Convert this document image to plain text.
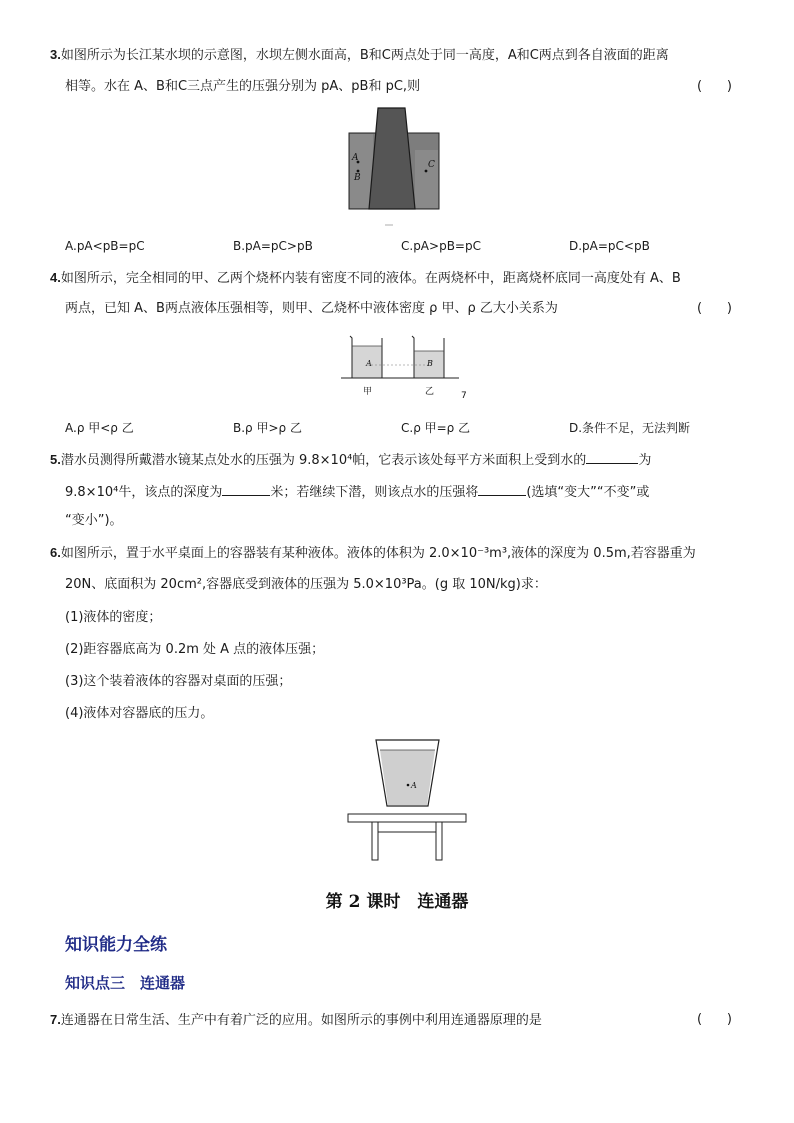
3.如图所示为长江某水坝的示意图，水坝左侧水面高，B和C两点处于同一高度，A和C两点到各自液面的距离
相等。水在 A、B和C三点产生的压强分别为 pA、pB和 pC,则	(      )
A
B
C
A.pA<pB=pC	B.pA=pC>pB	C.pA>pB=pC	D.pA=pC<pB
4.如图所示，完全相同的甲、乙两个烧杯内装有密度不同的液体。在两烧杯中，距离烧杯底同一高度处有 A、B
两点，已知 A、B两点液体压强相等，则甲、乙烧杯中液体密度 ρ 甲、ρ 乙大小关系为	(      )
A	B
甲	乙	7
A.ρ 甲<ρ 乙	B.ρ 甲>ρ 乙	C.ρ 甲=ρ 乙	D.条件不足，无法判断
5.潜水员测得所戴潜水镜某点处水的压强为 9.8×10⁴帕，它表示该处每平方米面积上受到水的	为
9.8×10⁴牛，该点的深度为	米；若继续下潜，则该点水的压强将	(选填“变大”“不变”或
“变小”)。
6.如图所示，置于水平桌面上的容器装有某种液体。液体的体积为 2.0×10⁻³m³,液体的深度为 0.5m,若容器重为
20N、底面积为 20cm²,容器底受到液体的压强为 5.0×10³Pa。(g 取 10N/kg)求：
(1)液体的密度；
(2)距容器底高为 0.2m 处 A 点的液体压强；
(3)这个装着液体的容器对桌面的压强；
(4)液体对容器底的压力。
A
第 2 课时　连通器
知识能力全练
知识点三　连通器
7.连通器在日常生活、生产中有着广泛的应用。如图所示的事例中利用连通器原理的是	(      )
